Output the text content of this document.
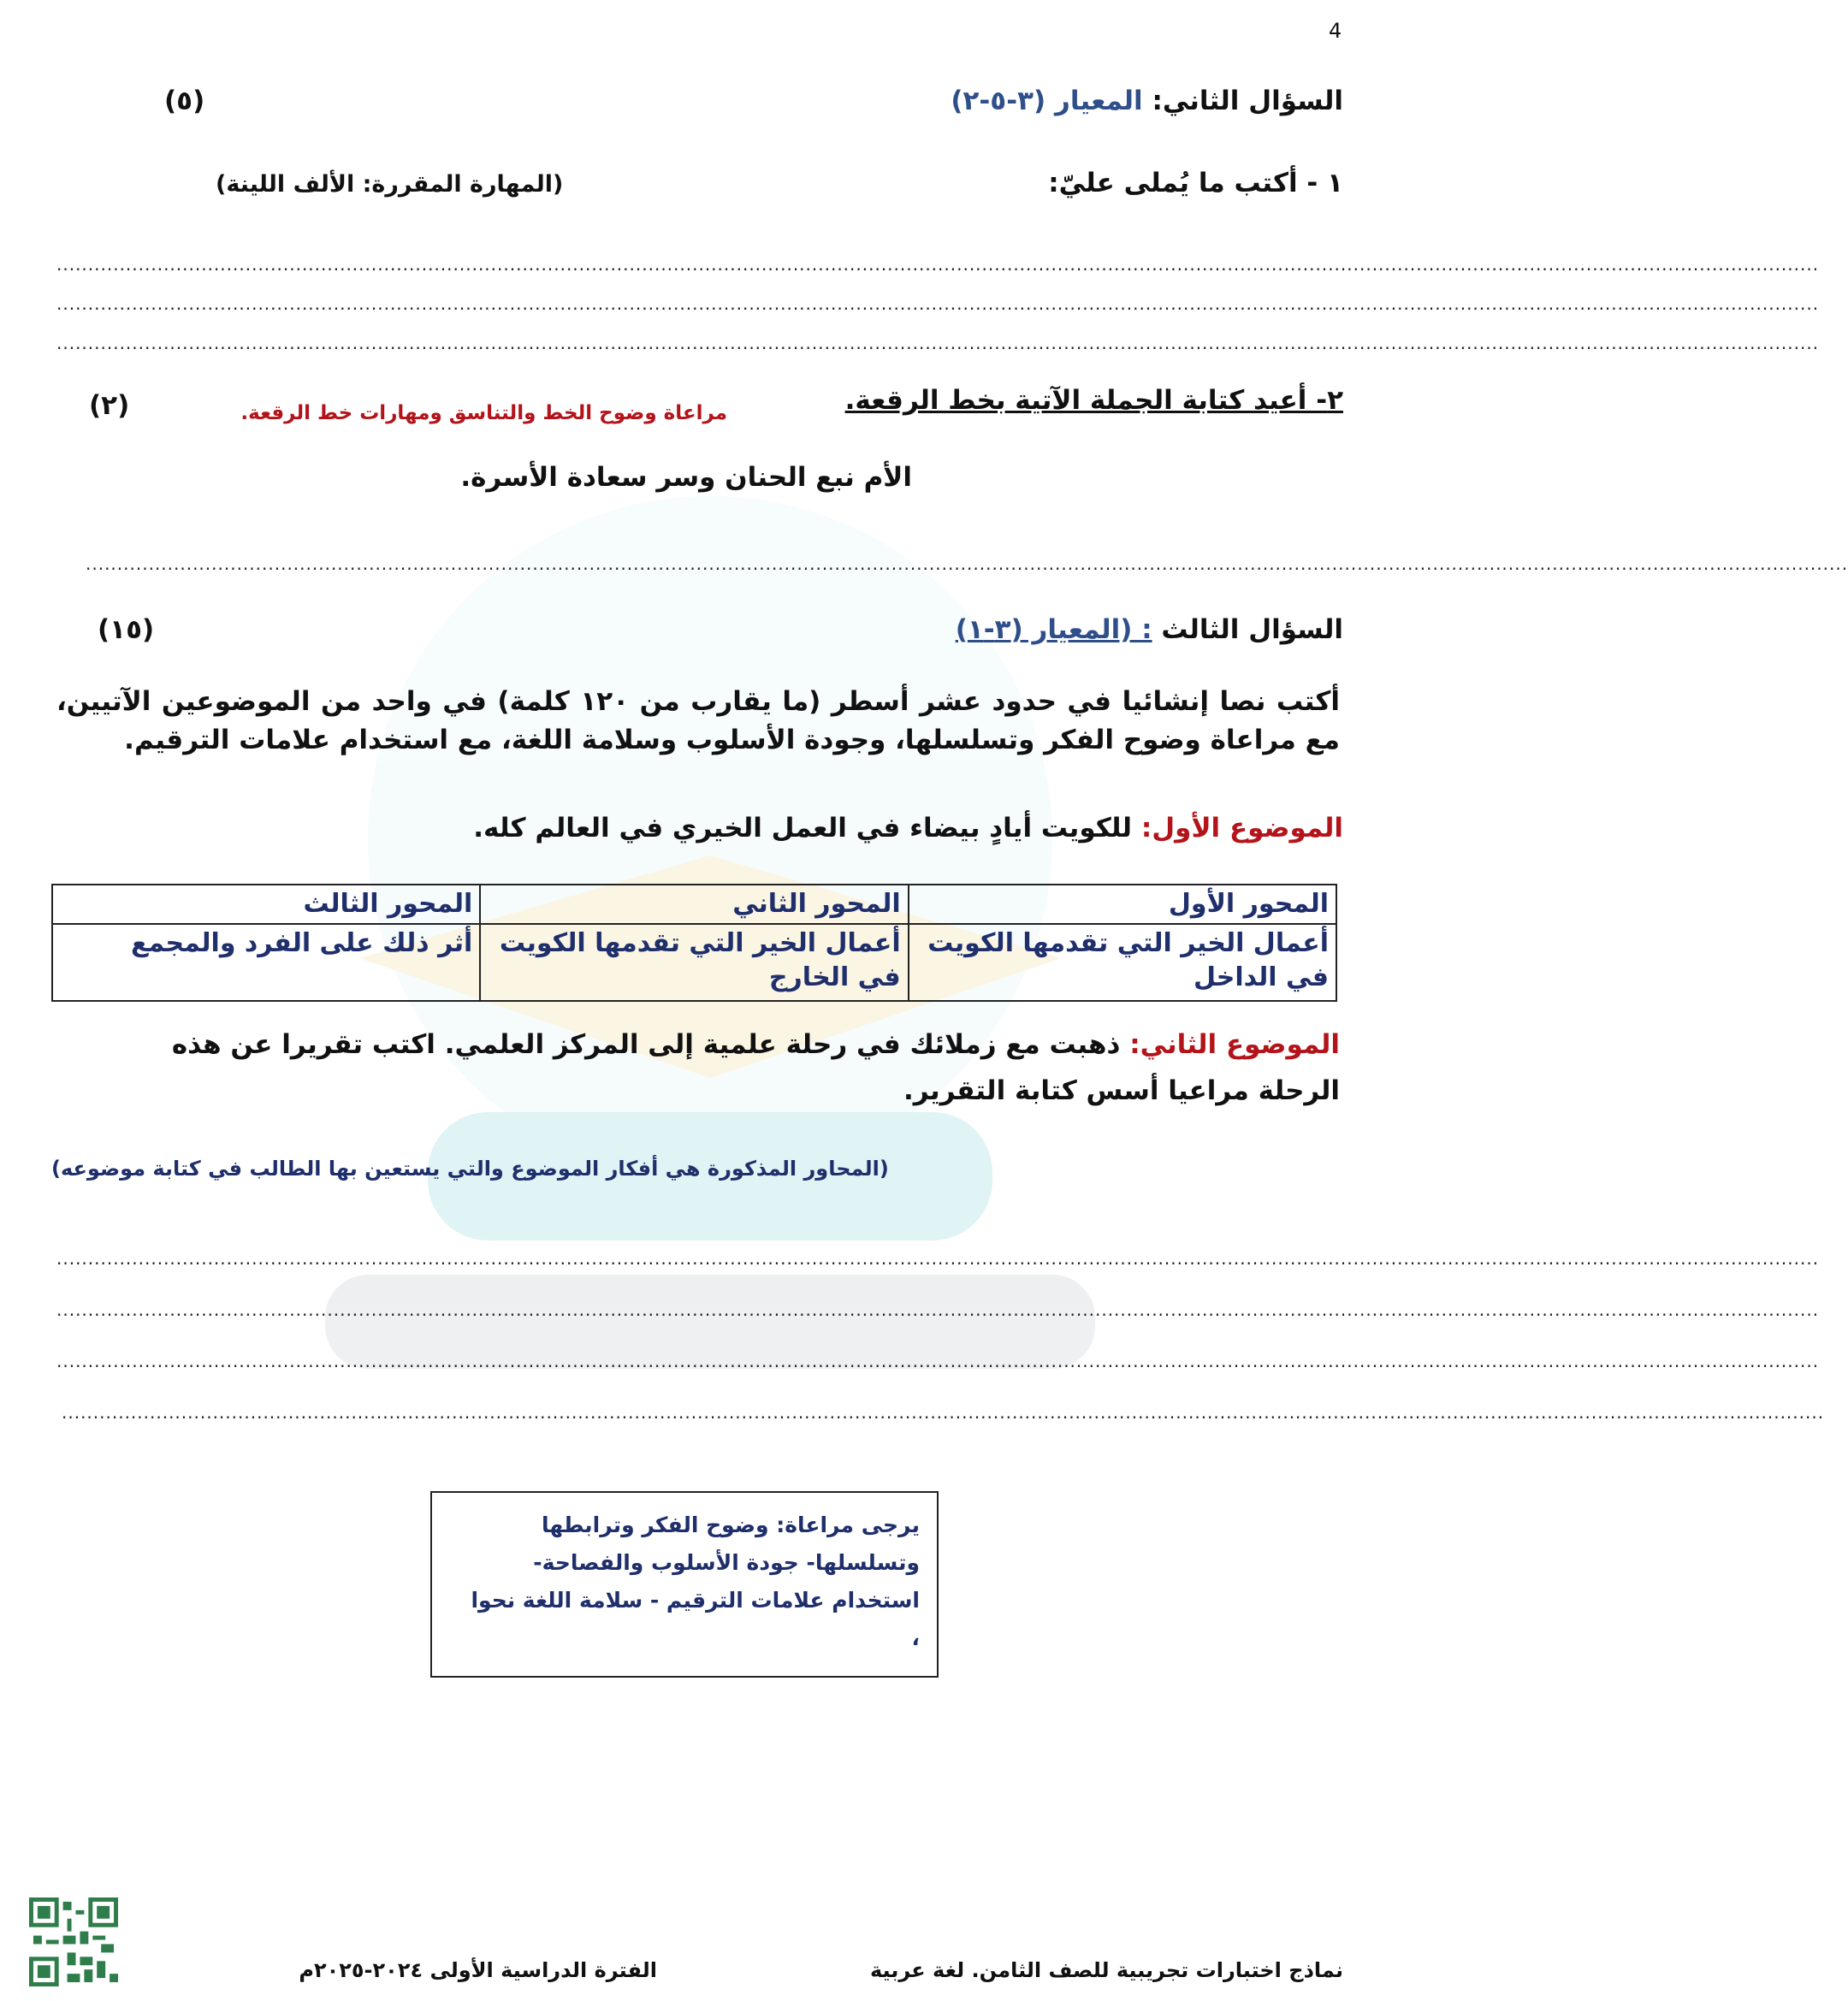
4
السؤال الثاني: المعيار (٣-٥-٢)
(٥)
١ - أكتب ما يُملى عليّ:
(المهارة المقررة: الألف اللينة)
........................................................................................................................................................................................................................................................................................
........................................................................................................................................................................................................................................................................................
........................................................................................................................................................................................................................................................................................
٢- أعيد كتابة الجملة الآتية بخط الرقعة.
مراعاة وضوح الخط والتناسق ومهارات خط الرقعة.
(٢)
الأم نبع الحنان وسر سعادة الأسرة.
........................................................................................................................................................................................................................................................................................
السؤال الثالث : (المعيار (٣-١)
(١٥)
أكتب نصا إنشائيا في حدود عشر أسطر (ما يقارب من ١٢٠ كلمة) في واحد من الموضوعين الآتيين، مع مراعاة وضوح الفكر وتسلسلها، وجودة الأسلوب وسلامة اللغة، مع استخدام علامات الترقيم.
الموضوع الأول: للكويت أيادٍ بيضاء في العمل الخيري في العالم كله.
المحور الأول	المحور الثاني	المحور الثالث
أعمال الخير التي تقدمها الكويت في الداخل	أعمال الخير التي تقدمها الكويت في الخارج	أثر ذلك على الفرد والمجمع
الموضوع الثاني: ذهبت مع زملائك في رحلة علمية إلى المركز العلمي. اكتب تقريرا عن هذه الرحلة مراعيا أسس كتابة التقرير.
(المحاور المذكورة هي أفكار الموضوع والتي يستعين بها الطالب في كتابة موضوعه)
........................................................................................................................................................................................................................................................................................
........................................................................................................................................................................................................................................................................................
........................................................................................................................................................................................................................................................................................
........................................................................................................................................................................................................................................................................................
يرجى مراعاة: وضوح الفكر وترابطها
وتسلسلها- جودة الأسلوب والفصاحة-
استخدام علامات الترقيم - سلامة اللغة نحوا
،
نماذج اختبارات تجريبية للصف الثامن. لغة عربية
الفترة الدراسية الأولى ٢٠٢٤-٢٠٢٥م
